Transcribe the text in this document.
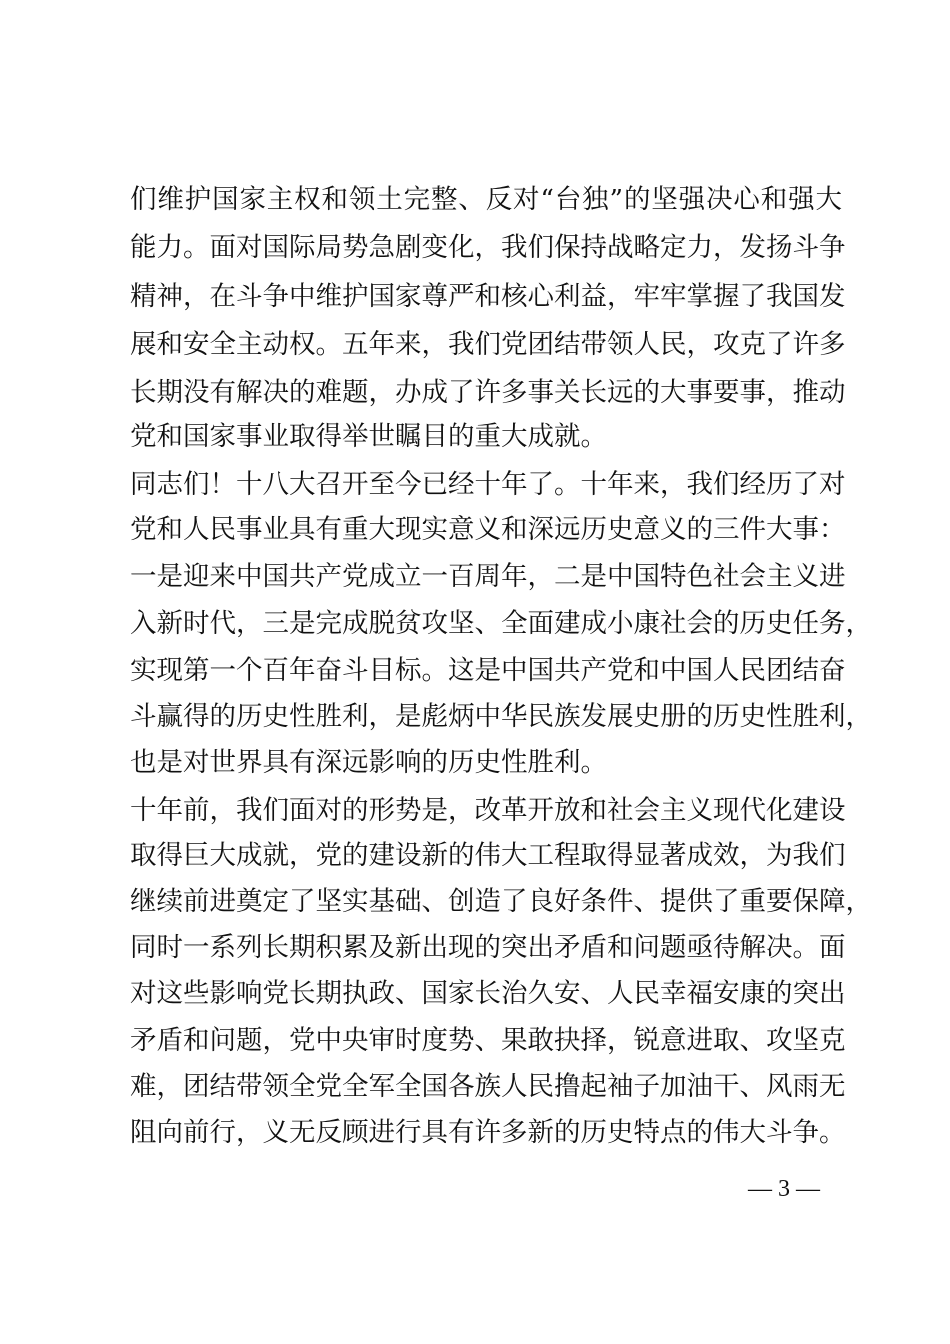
们维护国家主权和领土完整、反对“台独”的坚强决心和强大
能力。面对国际局势急剧变化，我们保持战略定力，发扬斗争
精神，在斗争中维护国家尊严和核心利益，牢牢掌握了我国发
展和安全主动权。五年来，我们党团结带领人民，攻克了许多
长期没有解决的难题，办成了许多事关长远的大事要事，推动
党和国家事业取得举世瞩目的重大成就。
同志们！十八大召开至今已经十年了。十年来，我们经历了对
党和人民事业具有重大现实意义和深远历史意义的三件大事：
一是迎来中国共产党成立一百周年，二是中国特色社会主义进
入新时代，三是完成脱贫攻坚、全面建成小康社会的历史任务，
实现第一个百年奋斗目标。这是中国共产党和中国人民团结奋
斗赢得的历史性胜利，是彪炳中华民族发展史册的历史性胜利，
也是对世界具有深远影响的历史性胜利。
十年前，我们面对的形势是，改革开放和社会主义现代化建设
取得巨大成就，党的建设新的伟大工程取得显著成效，为我们
继续前进奠定了坚实基础、创造了良好条件、提供了重要保障，
同时一系列长期积累及新出现的突出矛盾和问题亟待解决。面
对这些影响党长期执政、国家长治久安、人民幸福安康的突出
矛盾和问题，党中央审时度势、果敢抉择，锐意进取、攻坚克
难，团结带领全党全军全国各族人民撸起袖子加油干、风雨无
阻向前行，义无反顾进行具有许多新的历史特点的伟大斗争。
— 3 —
